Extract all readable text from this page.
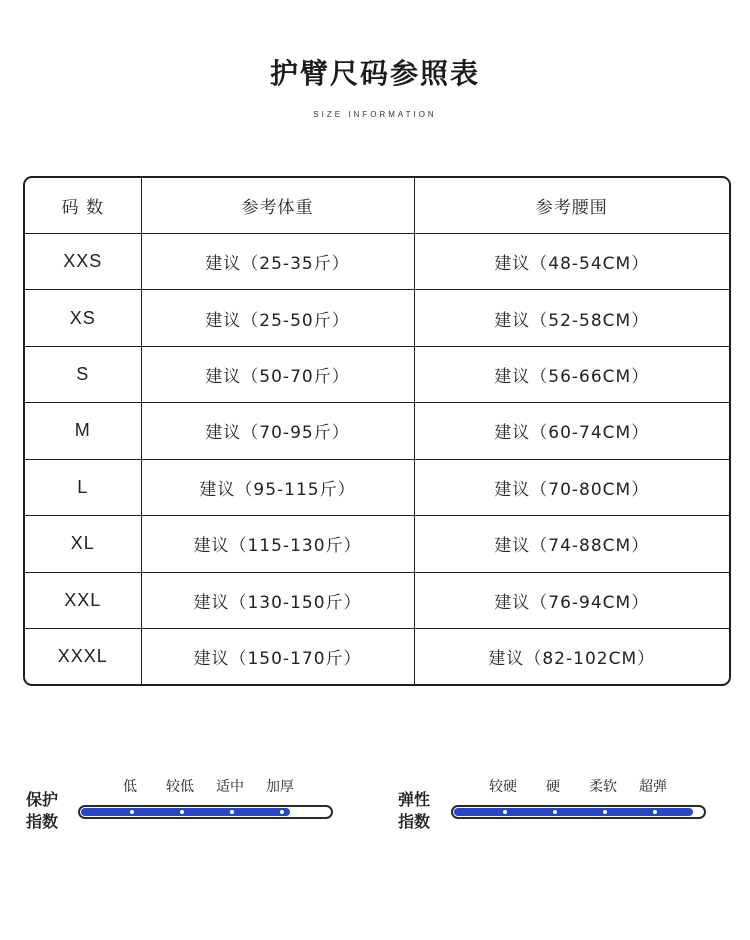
护臂尺码参照表
SIZE INFORMATION
码 数	参考体重	参考腰围
XXS	建议（25-35斤）	建议（48-54CM）
XS	建议（25-50斤）	建议（52-58CM）
S	建议（50-70斤）	建议（56-66CM）
M	建议（70-95斤）	建议（60-74CM）
L	建议（95-115斤）	建议（70-80CM）
XL	建议（115-130斤）	建议（74-88CM）
XXL	建议（130-150斤）	建议（76-94CM）
XXXL	建议（150-170斤）	建议（82-102CM）
保护
指数
低 较低 适中 加厚
弹性
指数
较硬 硬 柔软 超弹
